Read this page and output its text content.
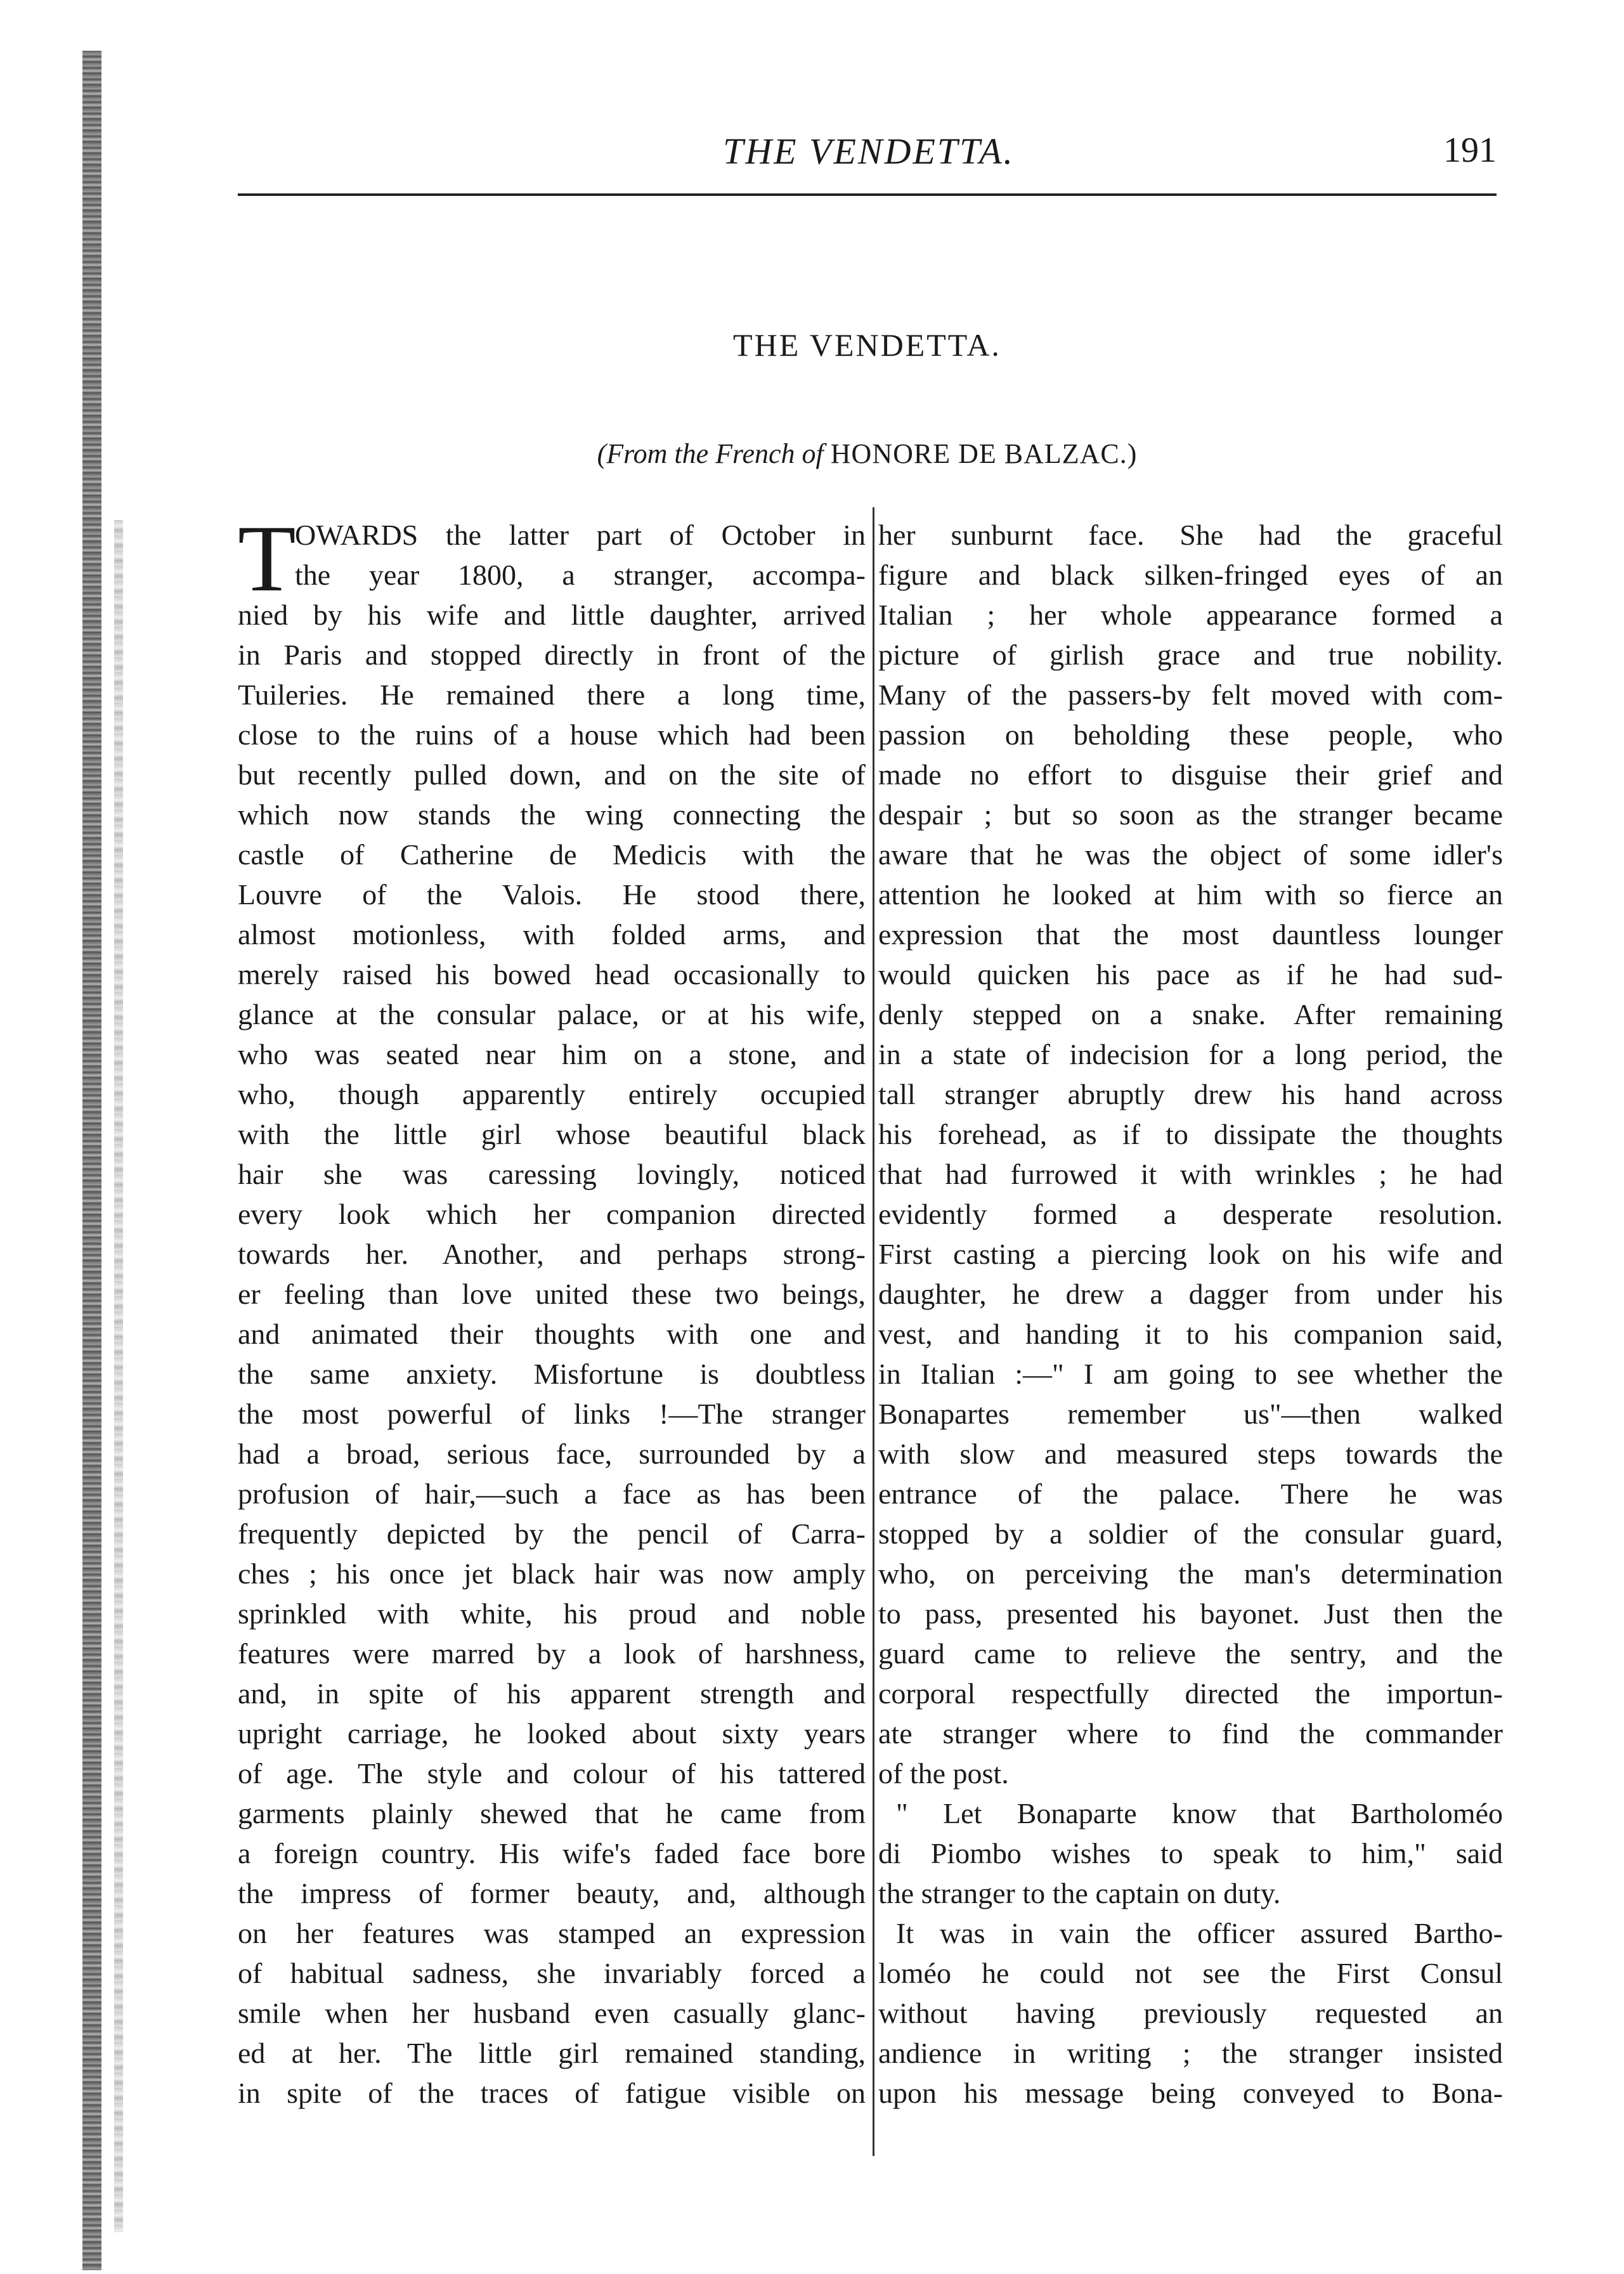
THE VENDETTA.	191
THE VENDETTA.
(From the French of HONORE DE BALZAC.)
T
OWARDS the latter part of October in
the year 1800, a stranger, accompa-
nied by his wife and little daughter, arrived
in Paris and stopped directly in front of the
Tuileries. He remained there a long time,
close to the ruins of a house which had been
but recently pulled down, and on the site of
which now stands the wing connecting the
castle of Catherine de Medicis with the
Louvre of the Valois. He stood there,
almost motionless, with folded arms, and
merely raised his bowed head occasionally to
glance at the consular palace, or at his wife,
who was seated near him on a stone, and
who, though apparently entirely occupied
with the little girl whose beautiful black
hair she was caressing lovingly, noticed
every look which her companion directed
towards her. Another, and perhaps strong-
er feeling than love united these two beings,
and animated their thoughts with one and
the same anxiety. Misfortune is doubtless
the most powerful of links !—The stranger
had a broad, serious face, surrounded by a
profusion of hair,—such a face as has been
frequently depicted by the pencil of Carra-
ches ; his once jet black hair was now amply
sprinkled with white, his proud and noble
features were marred by a look of harshness,
and, in spite of his apparent strength and
upright carriage, he looked about sixty years
of age. The style and colour of his tattered
garments plainly shewed that he came from
a foreign country. His wife's faded face bore
the impress of former beauty, and, although
on her features was stamped an expression
of habitual sadness, she invariably forced a
smile when her husband even casually glanc-
ed at her. The little girl remained standing,
in spite of the traces of fatigue visible on
her sunburnt face. She had the graceful
figure and black silken-fringed eyes of an
Italian ; her whole appearance formed a
picture of girlish grace and true nobility.
Many of the passers-by felt moved with com-
passion on beholding these people, who
made no effort to disguise their grief and
despair ; but so soon as the stranger became
aware that he was the object of some idler's
attention he looked at him with so fierce an
expression that the most dauntless lounger
would quicken his pace as if he had sud-
denly stepped on a snake. After remaining
in a state of indecision for a long period, the
tall stranger abruptly drew his hand across
his forehead, as if to dissipate the thoughts
that had furrowed it with wrinkles ; he had
evidently formed a desperate resolution.
First casting a piercing look on his wife and
daughter, he drew a dagger from under his
vest, and handing it to his companion said,
in Italian :—" I am going to see whether the
Bonapartes remember us"—then walked
with slow and measured steps towards the
entrance of the palace. There he was
stopped by a soldier of the consular guard,
who, on perceiving the man's determination
to pass, presented his bayonet. Just then the
guard came to relieve the sentry, and the
corporal respectfully directed the importun-
ate stranger where to find the commander
of the post.
" Let Bonaparte know that Bartholoméo
di Piombo wishes to speak to him," said
the stranger to the captain on duty.
It was in vain the officer assured Bartho-
loméo he could not see the First Consul
without having previously requested an
andience in writing ; the stranger insisted
upon his message being conveyed to Bona-
